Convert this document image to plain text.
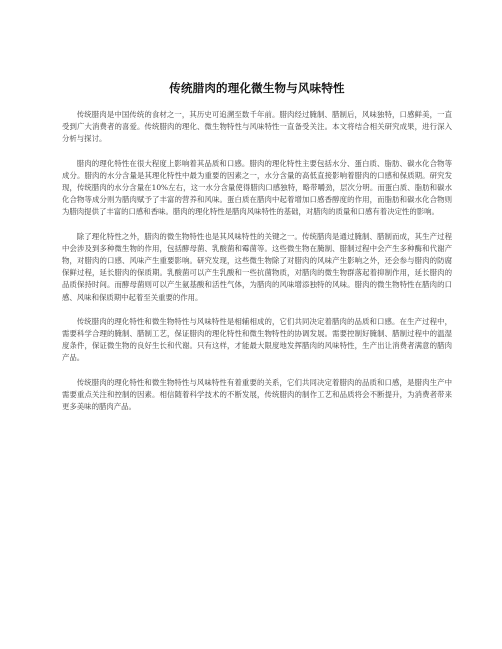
传统腊肉的理化微生物与风味特性

传统腊肉是中国传统的食材之一，其历史可追溯至数千年前。腊肉经过腌制、腊制后，风味独特，口感鲜美，一直受到广大消费者的喜爱。传统腊肉的理化、微生物特性与风味特性一直备受关注。本文将结合相关研究成果，进行深入分析与探讨。

腊肉的理化特性在很大程度上影响着其品质和口感。腊肉的理化特性主要包括水分、蛋白质、脂肪、碳水化合物等成分。腊肉的水分含量是其理化特性中最为重要的因素之一，水分含量的高低直接影响着腊肉的口感和保质期。研究发现，传统腊肉的水分含量在10%左右，这一水分含量使得腊肉口感独特，略带嚼劲，层次分明。而蛋白质、脂肪和碳水化合物等成分则为腊肉赋予了丰富的营养和风味。蛋白质在腊肉中起着增加口感香醇度的作用，而脂肪和碳水化合物则为腊肉提供了丰富的口感和香味。腊肉的理化特性是腊肉风味特性的基础，对腊肉的质量和口感有着决定性的影响。

除了理化特性之外，腊肉的微生物特性也是其风味特性的关键之一。传统腊肉是通过腌制、腊制而成，其生产过程中会涉及到多种微生物的作用，包括酵母菌、乳酸菌和霉菌等。这些微生物在腌制、腊制过程中会产生多种酶和代谢产物，对腊肉的口感、风味产生重要影响。研究发现，这些微生物除了对腊肉的风味产生影响之外，还会参与腊肉的防腐保鲜过程，延长腊肉的保质期。乳酸菌可以产生乳酸和一些抗菌物质，对腊肉的微生物群落起着抑制作用，延长腊肉的品质保持时间。而酵母菌则可以产生氨基酸和活性气体，为腊肉的风味增添独特的风味。腊肉的微生物特性在腊肉的口感、风味和保质期中起着至关重要的作用。

传统腊肉的理化特性和微生物特性与风味特性是相辅相成的，它们共同决定着腊肉的品质和口感。在生产过程中，需要科学合理的腌制、腊制工艺，保证腊肉的理化特性和微生物特性的协调发展。需要控制好腌制、腊制过程中的温湿度条件，保证微生物的良好生长和代谢。只有这样，才能最大限度地发挥腊肉的风味特性，生产出让消费者满意的腊肉产品。

传统腊肉的理化特性和微生物特性与风味特性有着重要的关系，它们共同决定着腊肉的品质和口感，是腊肉生产中需要重点关注和控制的因素。相信随着科学技术的不断发展，传统腊肉的制作工艺和品质将会不断提升，为消费者带来更多美味的腊肉产品。
